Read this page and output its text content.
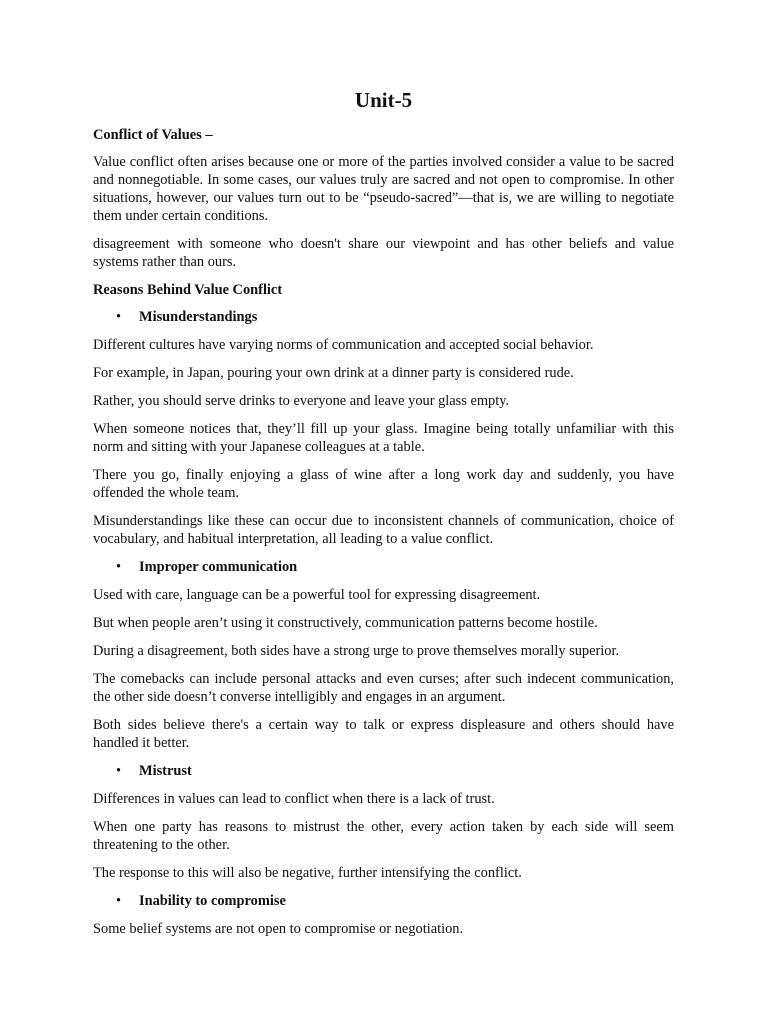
Unit-5
Conflict of Values –

Value conflict often arises because one or more of the parties involved consider a value to be sacred and nonnegotiable. In some cases, our values truly are sacred and not open to compromise. In other situations, however, our values turn out to be “pseudo-sacred”—that is, we are willing to negotiate them under certain conditions.

disagreement with someone who doesn't share our viewpoint and has other beliefs and value systems rather than ours.

Reasons Behind Value Conflict
• Misunderstandings

Different cultures have varying norms of communication and accepted social behavior.

For example, in Japan, pouring your own drink at a dinner party is considered rude.

Rather, you should serve drinks to everyone and leave your glass empty.

When someone notices that, they’ll fill up your glass. Imagine being totally unfamiliar with this norm and sitting with your Japanese colleagues at a table.

There you go, finally enjoying a glass of wine after a long work day and suddenly, you have offended the whole team.

Misunderstandings like these can occur due to inconsistent channels of communication, choice of vocabulary, and habitual interpretation, all leading to a value conflict.

• Improper communication

Used with care, language can be a powerful tool for expressing disagreement.

But when people aren’t using it constructively, communication patterns become hostile.

During a disagreement, both sides have a strong urge to prove themselves morally superior.

The comebacks can include personal attacks and even curses; after such indecent communication, the other side doesn’t converse intelligibly and engages in an argument.

Both sides believe there's a certain way to talk or express displeasure and others should have handled it better.

• Mistrust

Differences in values can lead to conflict when there is a lack of trust.

When one party has reasons to mistrust the other, every action taken by each side will seem threatening to the other.

The response to this will also be negative, further intensifying the conflict.

• Inability to compromise

Some belief systems are not open to compromise or negotiation.
